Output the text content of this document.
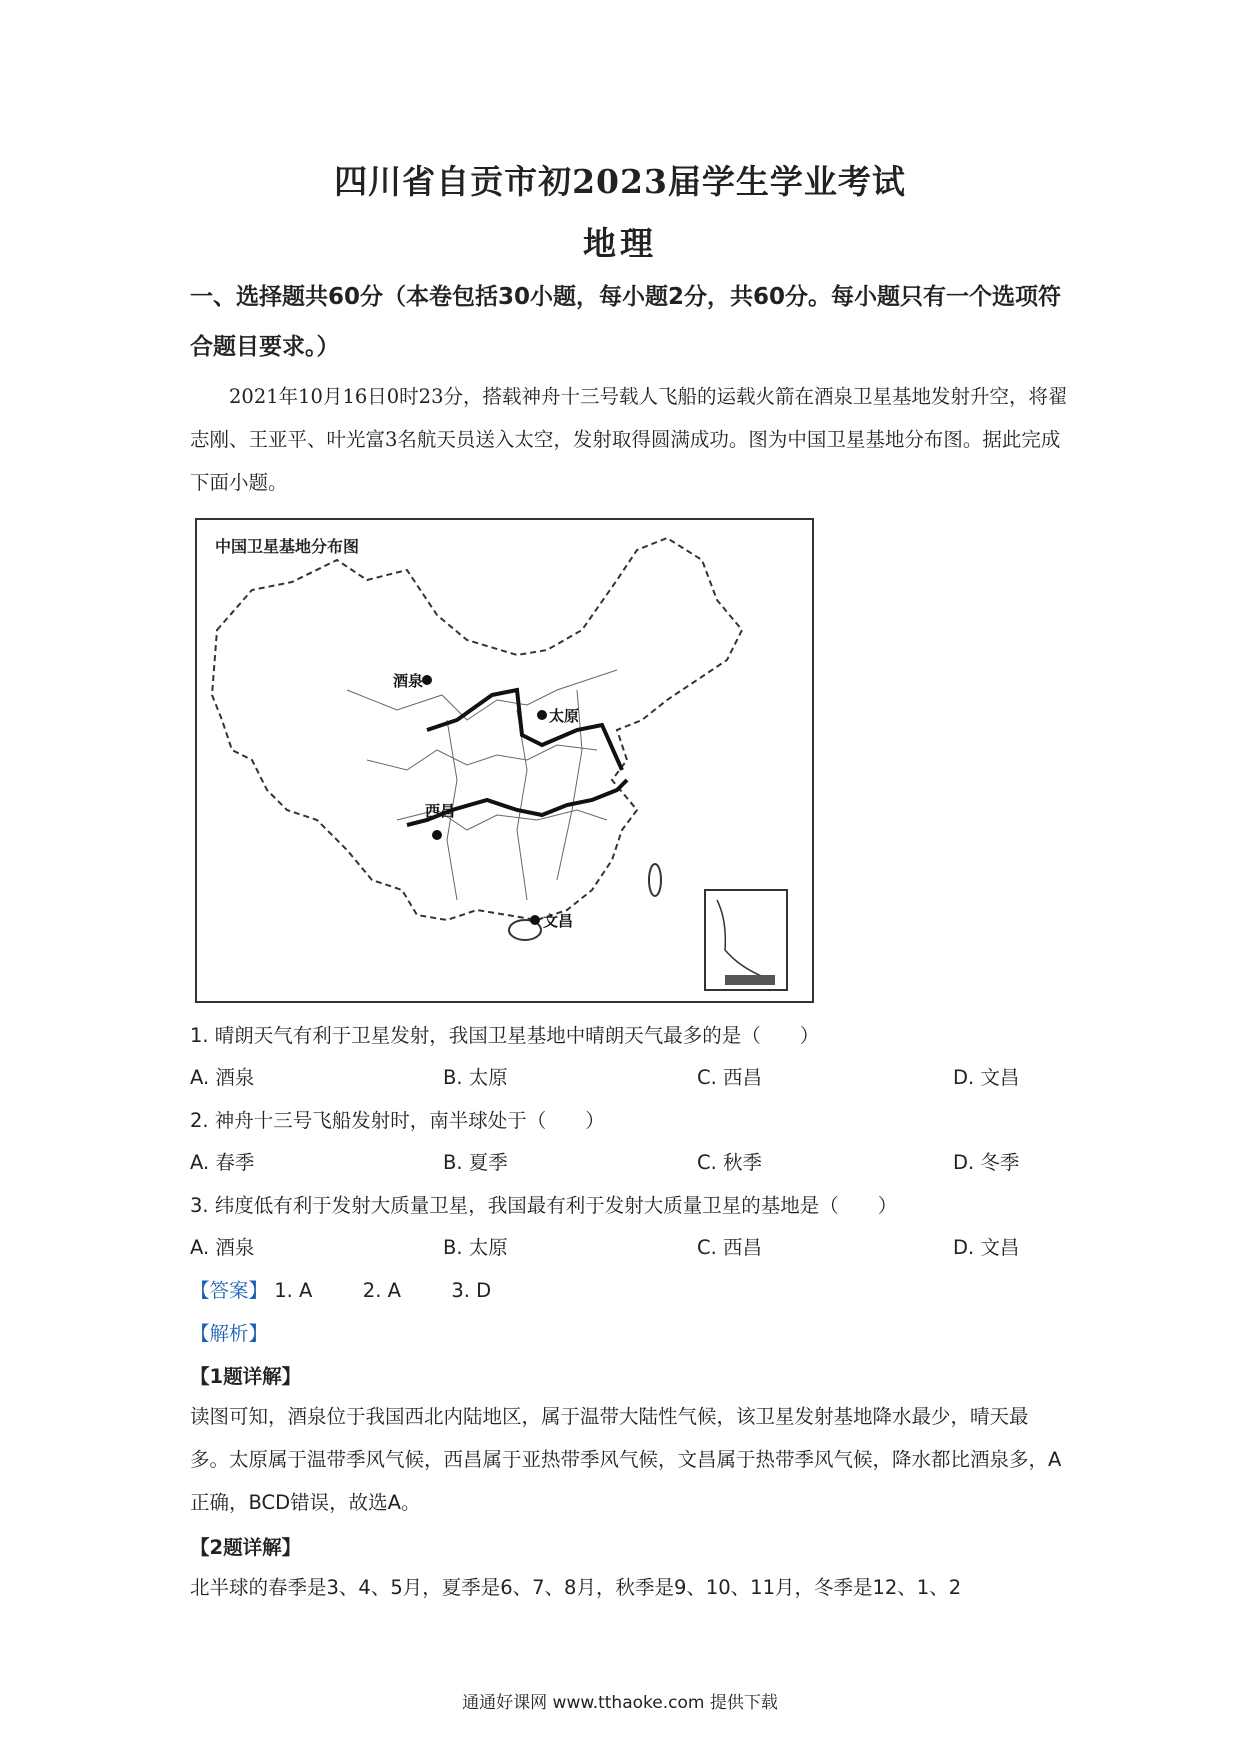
四川省自贡市初2023届学生学业考试
地理
一、选择题共60分（本卷包括30小题，每小题2分，共60分。每小题只有一个选项符合题目要求。）
2021年10月16日0时23分，搭载神舟十三号载人飞船的运载火箭在酒泉卫星基地发射升空，将翟志刚、王亚平、叶光富3名航天员送入太空，发射取得圆满成功。图为中国卫星基地分布图。据此完成下面小题。
中国卫星基地分布图
酒泉
太原
西昌
文昌
1. 晴朗天气有利于卫星发射，我国卫星基地中晴朗天气最多的是（　　）
A. 酒泉	B. 太原	C. 西昌	D. 文昌
2. 神舟十三号飞船发射时，南半球处于（　　）
A. 春季	B. 夏季	C. 秋季	D. 冬季
3. 纬度低有利于发射大质量卫星，我国最有利于发射大质量卫星的基地是（　　）
A. 酒泉	B. 太原	C. 西昌	D. 文昌
【答案】 1. A	2. A	3. D
【解析】
【1题详解】
读图可知，酒泉位于我国西北内陆地区，属于温带大陆性气候，该卫星发射基地降水最少，晴天最多。太原属于温带季风气候，西昌属于亚热带季风气候，文昌属于热带季风气候，降水都比酒泉多，A正确，BCD错误，故选A。
【2题详解】
北半球的春季是3、4、5月，夏季是6、7、8月，秋季是9、10、11月，冬季是12、1、2
通通好课网 www.tthaoke.com 提供下载
